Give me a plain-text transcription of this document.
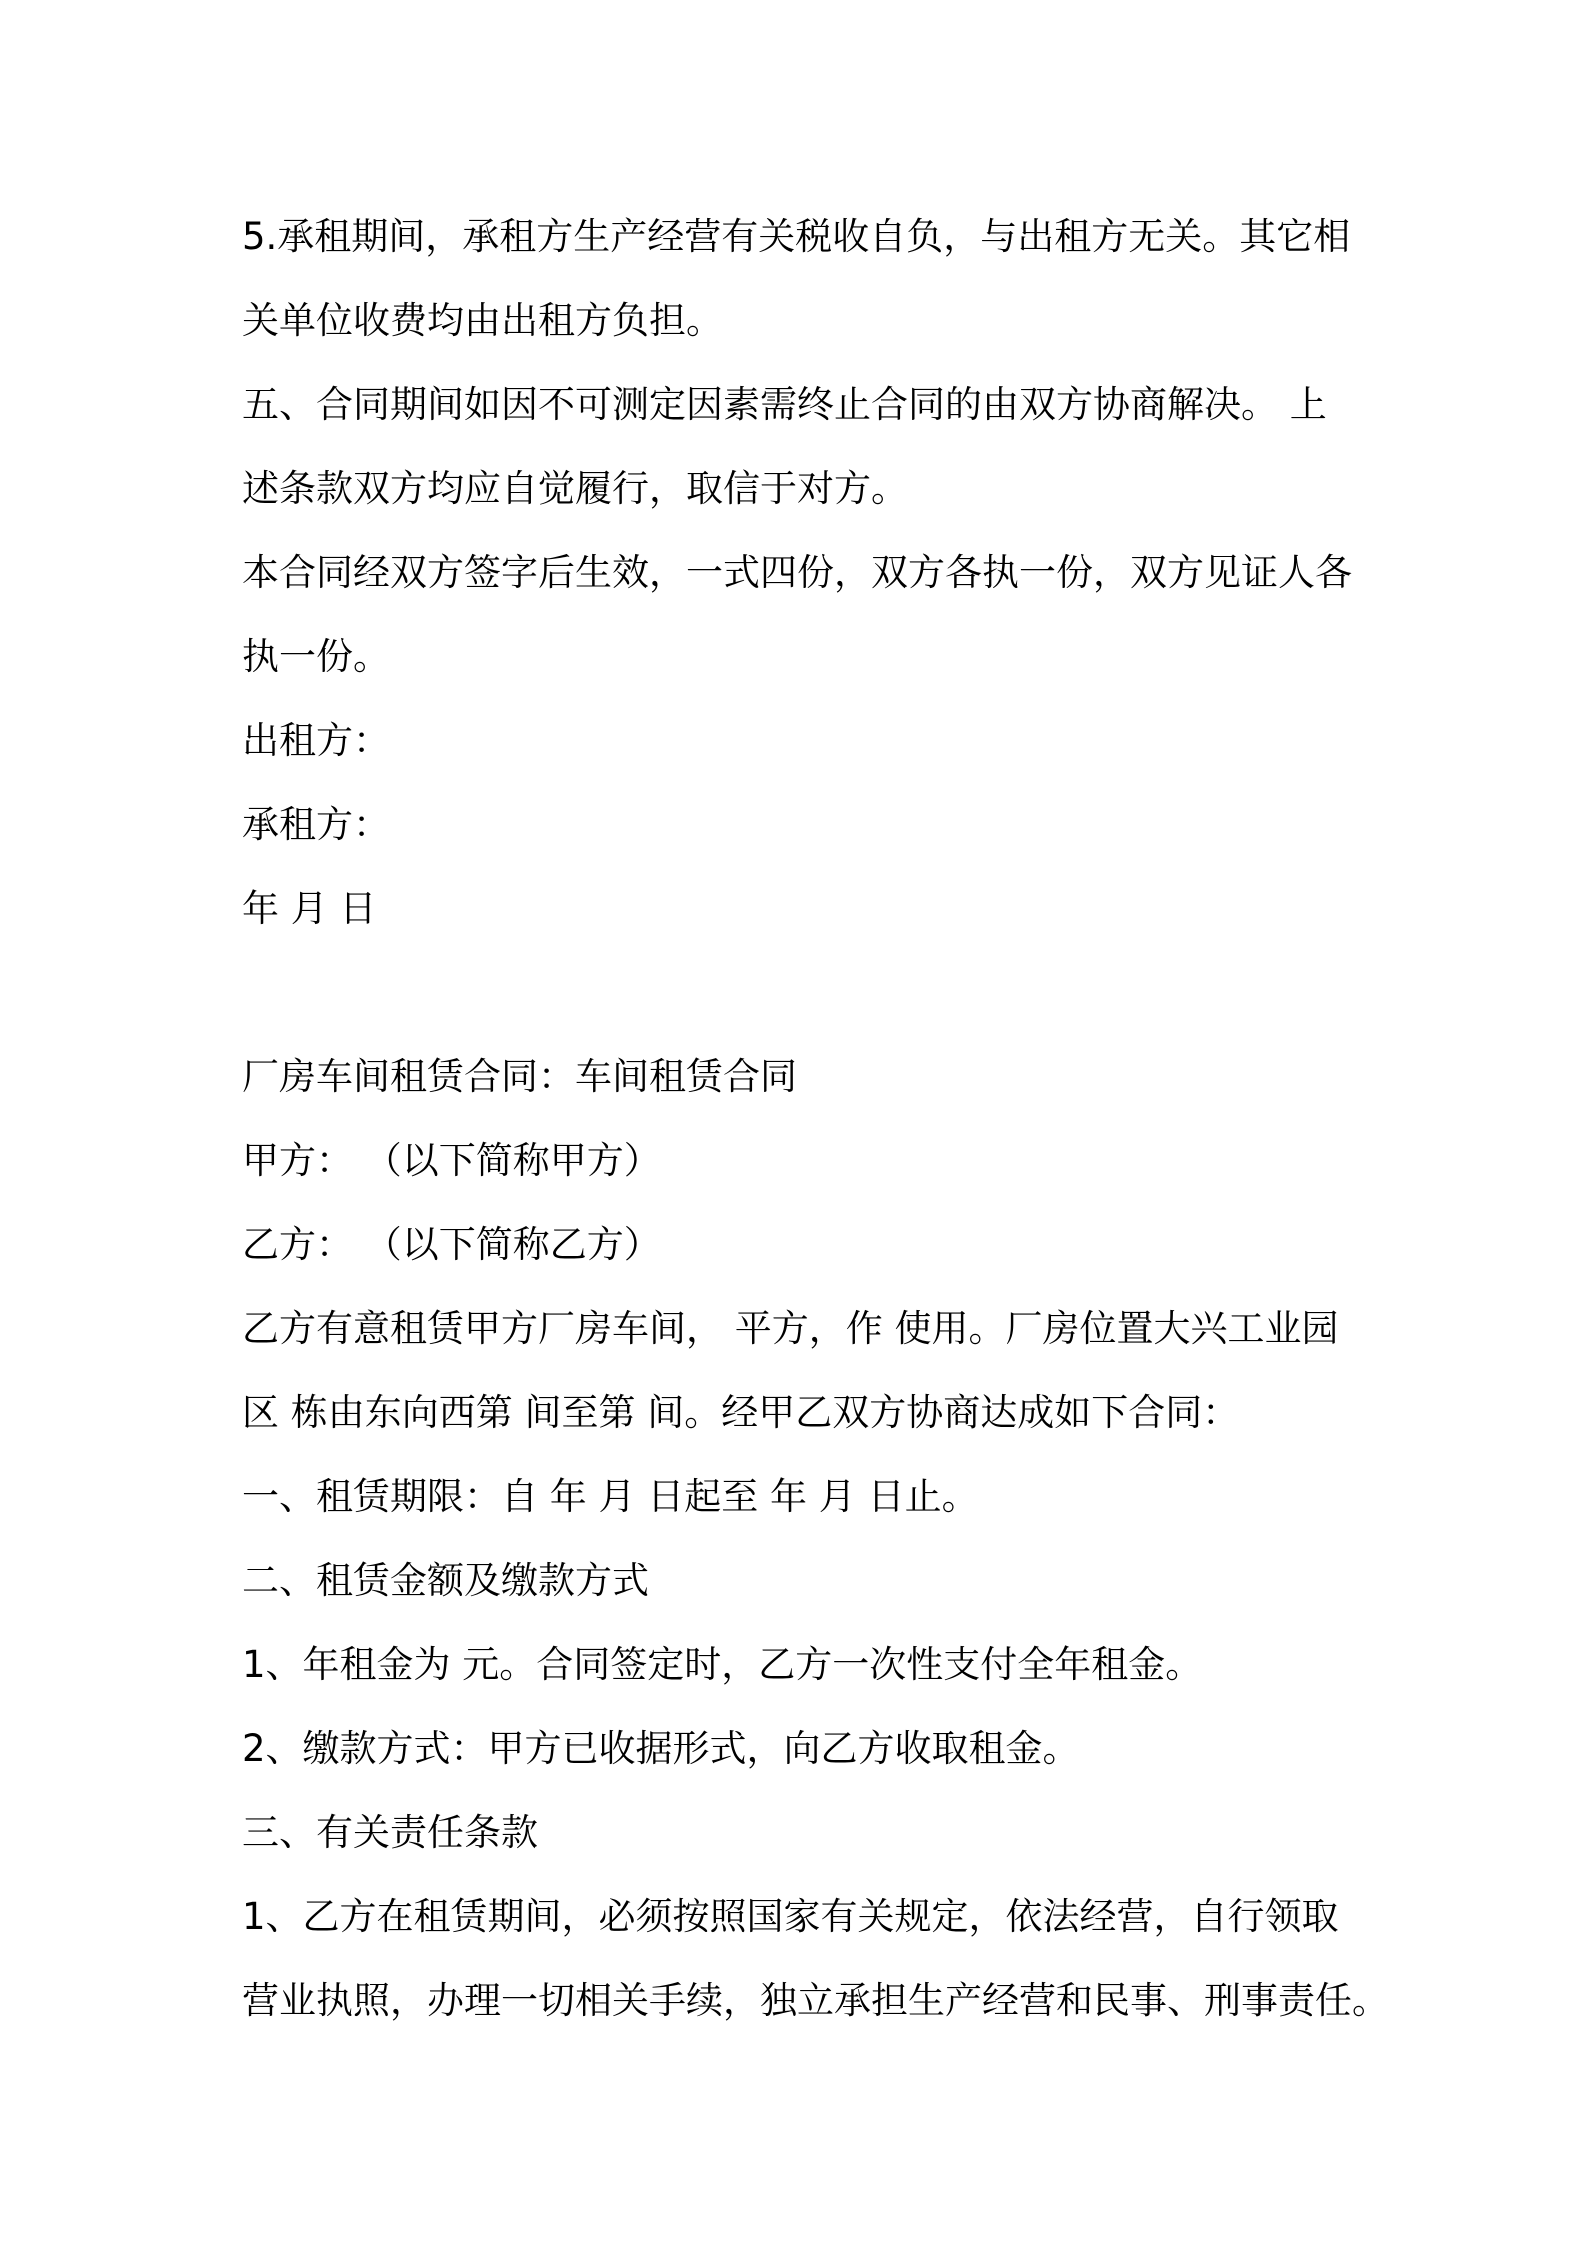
5.承租期间，承租方生产经营有关税收自负，与出租方无关。其它相
关单位收费均由出租方负担。
五、合同期间如因不可测定因素需终止合同的由双方协商解决。 上
述条款双方均应自觉履行，取信于对方。
本合同经双方签字后生效，一式四份，双方各执一份，双方见证人各
执一份。
出租方：
承租方：
年 月 日
厂房车间租赁合同：车间租赁合同
甲方： （以下简称甲方）
乙方： （以下简称乙方）
乙方有意租赁甲方厂房车间， 平方，作 使用。厂房位置大兴工业园
区 栋由东向西第 间至第 间。经甲乙双方协商达成如下合同：
一、租赁期限：自 年 月 日起至 年 月 日止。
二、租赁金额及缴款方式
1、年租金为 元。合同签定时，乙方一次性支付全年租金。
2、缴款方式：甲方已收据形式，向乙方收取租金。
三、有关责任条款
1、乙方在租赁期间，必须按照国家有关规定，依法经营，自行领取
营业执照，办理一切相关手续，独立承担生产经营和民事、刑事责任。
